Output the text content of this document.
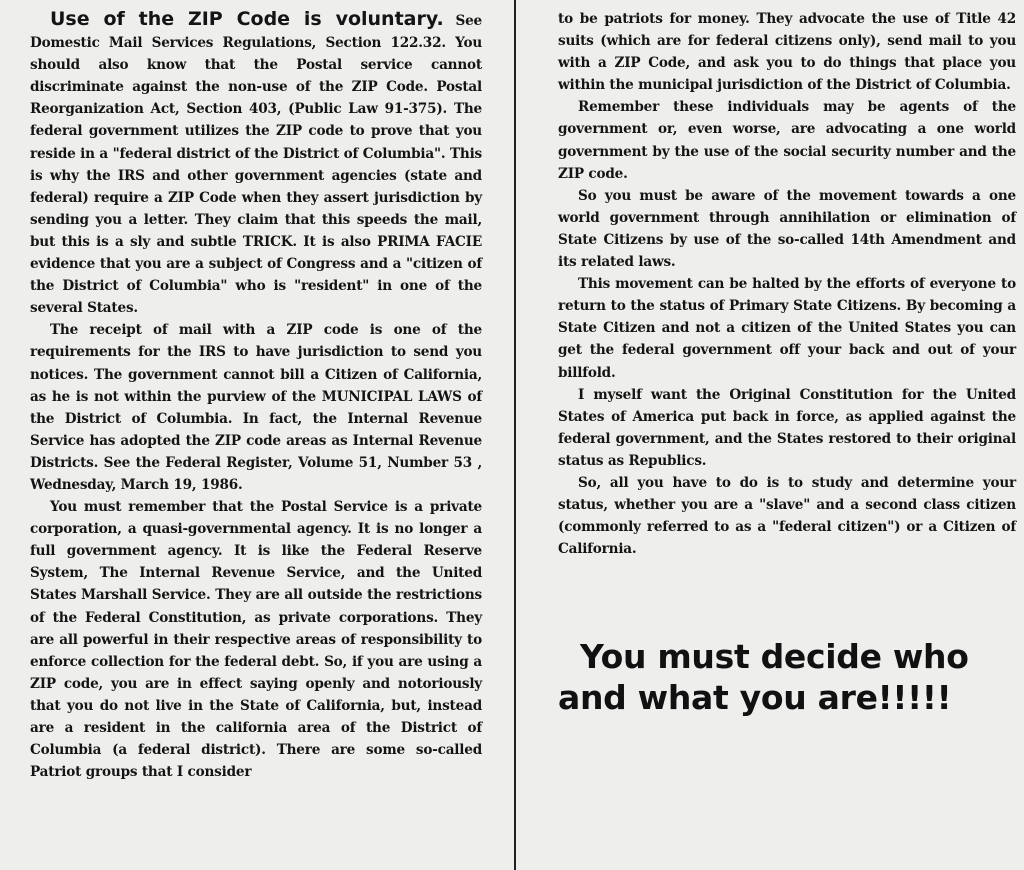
Use of the ZIP Code is voluntary. See Domestic Mail Services Regulations, Section 122.32. You should also know that the Postal service cannot discriminate against the non-use of the ZIP Code. Postal Reorganization Act, Section 403, (Public Law 91-375). The federal government utilizes the ZIP code to prove that you reside in a "federal district of the District of Columbia". This is why the IRS and other government agencies (state and federal) require a ZIP Code when they assert jurisdiction by sending you a letter. They claim that this speeds the mail, but this is a sly and subtle TRICK. It is also PRIMA FACIE evidence that you are a subject of Congress and a "citizen of the District of Columbia" who is "resident" in one of the several States.

The receipt of mail with a ZIP code is one of the requirements for the IRS to have jurisdiction to send you notices. The government cannot bill a Citizen of California, as he is not within the purview of the MUNICIPAL LAWS of the District of Columbia. In fact, the Internal Revenue Service has adopted the ZIP code areas as Internal Revenue Districts. See the Federal Register, Volume 51, Number 53 , Wednesday, March 19, 1986.

You must remember that the Postal Service is a private corporation, a quasi-governmental agency. It is no longer a full government agency. It is like the Federal Reserve System, The Internal Revenue Service, and the United States Marshall Service. They are all outside the restrictions of the Federal Constitution, as private corporations. They are all powerful in their respective areas of responsibility to enforce collection for the federal debt. So, if you are using a ZIP code, you are in effect saying openly and notoriously that you do not live in the State of California, but, instead are a resident in the california area of the District of Columbia (a federal district). There are some so-called Patriot groups that I consider

to be patriots for money. They advocate the use of Title 42 suits (which are for federal citizens only), send mail to you with a ZIP Code, and ask you to do things that place you within the municipal jurisdiction of the District of Columbia.

Remember these individuals may be agents of the government or, even worse, are advocating a one world government by the use of the social security number and the ZIP code.

So you must be aware of the movement towards a one world government through annihilation or elimination of State Citizens by use of the so-called 14th Amendment and its related laws.

This movement can be halted by the efforts of everyone to return to the status of Primary State Citizens. By becoming a State Citizen and not a citizen of the United States you can get the federal government off your back and out of your billfold.

I myself want the Original Constitution for the United States of America put back in force, as applied against the federal government, and the States restored to their original status as Republics.

So, all you have to do is to study and determine your status, whether you are a "slave" and a second class citizen (commonly referred to as a "federal citizen") or a Citizen of California.

You must decide who
and what you are!!!!!
